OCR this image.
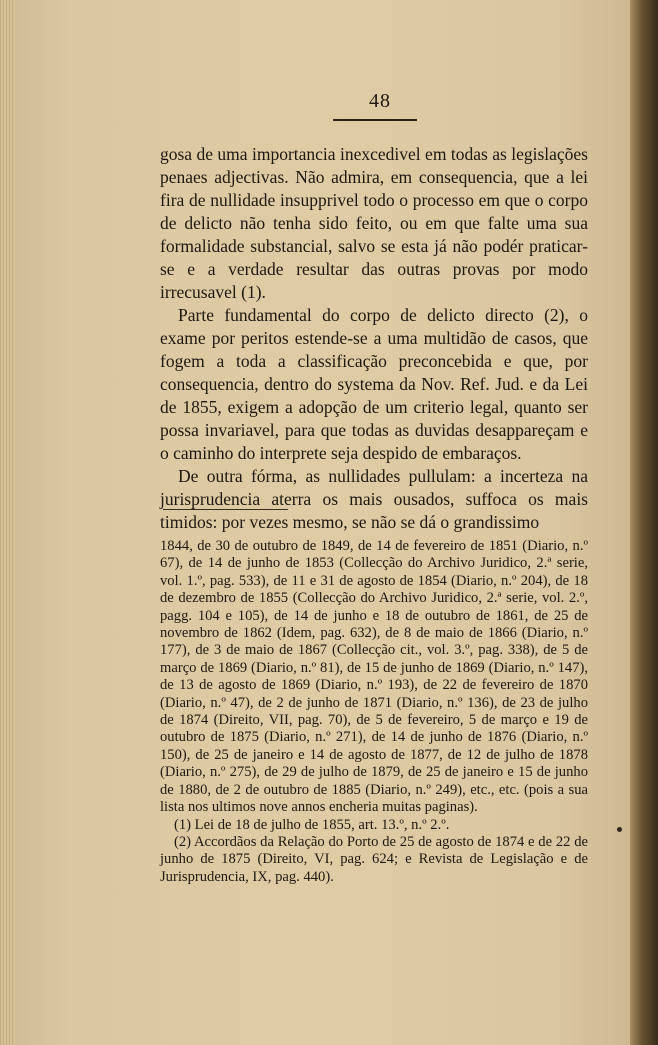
48

gosa de uma importancia inexcedivel em todas as legislações penaes adjectivas. Não admira, em consequencia, que a lei fira de nullidade insupprivel todo o processo em que o corpo de delicto não tenha sido feito, ou em que falte uma sua formalidade substancial, salvo se esta já não podér praticar-se e a verdade resultar das outras provas por modo irrecusavel (1).

Parte fundamental do corpo de delicto directo (2), o exame por peritos estende-se a uma multidão de casos, que fogem a toda a classificação preconcebida e que, por consequencia, dentro do systema da Nov. Ref. Jud. e da Lei de 1855, exigem a adopção de um criterio legal, quanto ser possa invariavel, para que todas as duvidas desappareçam e o caminho do interprete seja despido de embaraços.

De outra fórma, as nullidades pullulam: a incerteza na jurisprudencia aterra os mais ousados, suffoca os mais timidos: por vezes mesmo, se não se dá o grandissimo

1844, de 30 de outubro de 1849, de 14 de fevereiro de 1851 (Diario, n.º 67), de 14 de junho de 1853 (Collecção do Archivo Juridico, 2.ª serie, vol. 1.º, pag. 533), de 11 e 31 de agosto de 1854 (Diario, n.º 204), de 18 de dezembro de 1855 (Collecção do Archivo Juridico, 2.ª serie, vol. 2.º, pagg. 104 e 105), de 14 de junho e 18 de outubro de 1861, de 25 de novembro de 1862 (Idem, pag. 632), de 8 de maio de 1866 (Diario, n.º 177), de 3 de maio de 1867 (Collecção cit., vol. 3.º, pag. 338), de 5 de março de 1869 (Diario, n.º 81), de 15 de junho de 1869 (Diario, n.º 147), de 13 de agosto de 1869 (Diario, n.º 193), de 22 de fevereiro de 1870 (Diario, n.º 47), de 2 de junho de 1871 (Diario, n.º 136), de 23 de julho de 1874 (Direito, VII, pag. 70), de 5 de fevereiro, 5 de março e 19 de outubro de 1875 (Diario, n.º 271), de 14 de junho de 1876 (Diario, n.º 150), de 25 de janeiro e 14 de agosto de 1877, de 12 de julho de 1878 (Diario, n.º 275), de 29 de julho de 1879, de 25 de janeiro e 15 de junho de 1880, de 2 de outubro de 1885 (Diario, n.º 249), etc., etc. (pois a sua lista nos ultimos nove annos encheria muitas paginas).

(1) Lei de 18 de julho de 1855, art. 13.º, n.º 2.º.

(2) Accordãos da Relação do Porto de 25 de agosto de 1874 e de 22 de junho de 1875 (Direito, VI, pag. 624; e Revista de Legislação e de Jurisprudencia, IX, pag. 440).
